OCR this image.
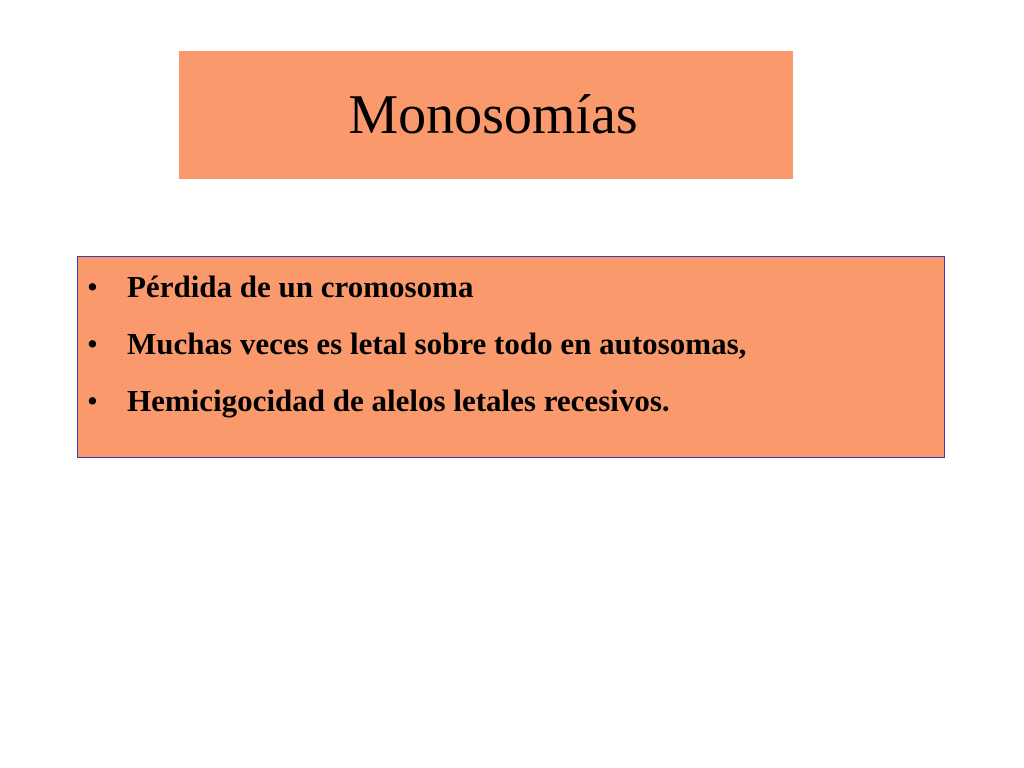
Monosomías
• Pérdida de un cromosoma
• Muchas veces es letal sobre todo en autosomas,
• Hemicigocidad de alelos letales recesivos.
